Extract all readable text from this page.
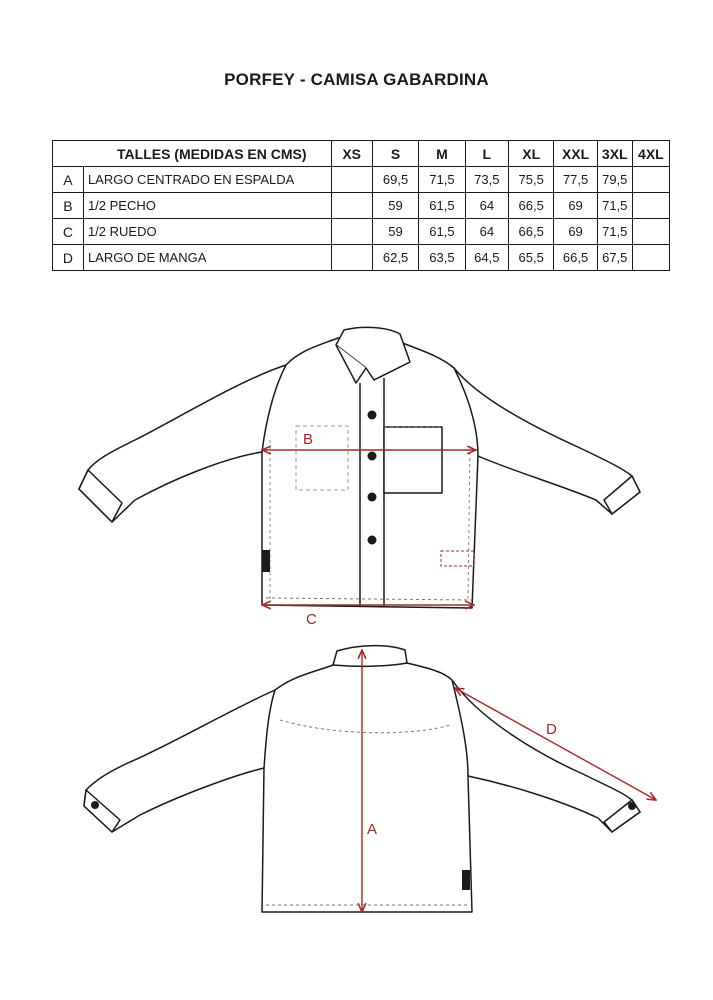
PORFEY - CAMISA GABARDINA
TALLES (MEDIDAS EN CMS)		XS	S	M	L	XL	XXL	3XL	4XL
A	LARGO CENTRADO EN ESPALDA		69,5	71,5	73,5	75,5	77,5	79,5	
B	1/2 PECHO		59	61,5	64	66,5	69	71,5	
C	1/2 RUEDO		59	61,5	64	66,5	69	71,5	
D	LARGO DE MANGA		62,5	63,5	64,5	65,5	66,5	67,5	
B
C
A
D
